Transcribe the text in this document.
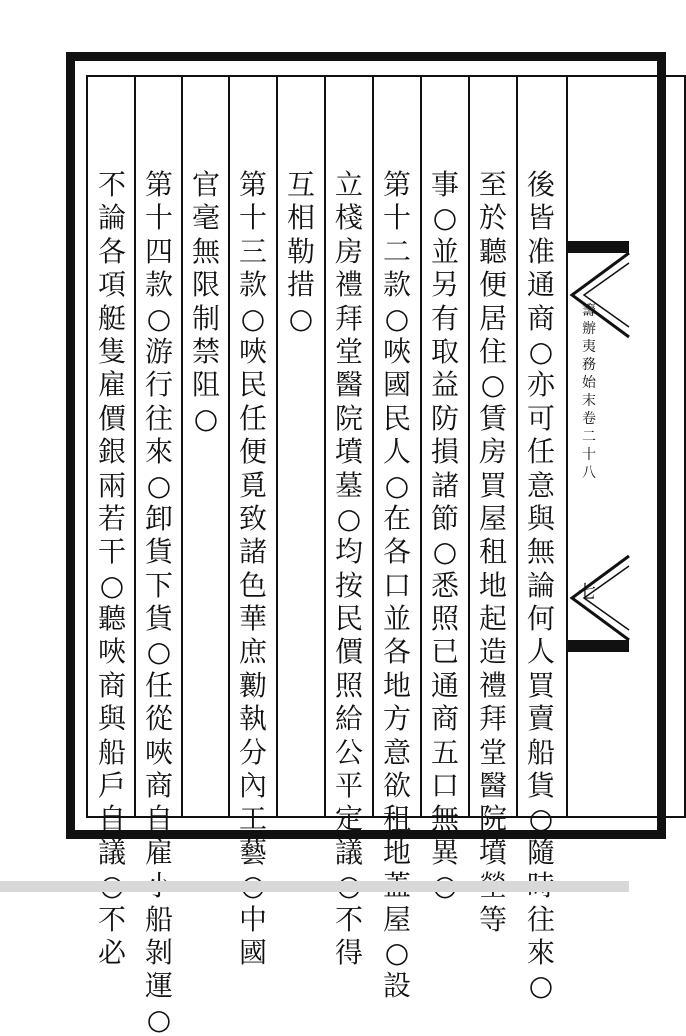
後
皆
准
通
商
○
亦
可
任
意
與
無
論
何
人
買
賣
船
貨
○
隨
往
來
○
至
於
聽
便
居
住
○
賃
房
買
屋
租
地
起
造
禮
拜
堂
醫
院
墳
等
事
○
並
另
有
取
益
防
損
諸
節
○
悉
照
已
通
商
五
口
無
異
第
十
二
款
○
唊
國
民
人
○
在
各
口
並
各
地
方
意
欲
租
地
屋
○
設
立
棧
房
禮
拜
堂
醫
院
墳
墓
○
均
按
民
價
照
給
公
平
定
議
不
得
互
相
勒
措
○
第
十
三
款
○
唊
民
任
便
覓
致
諸
色
華
庶
勷
執
分
內
工
藝
中
國
官
毫
無
限
制
禁
阻
○
第
十
四
款
○
游
行
往
來
○
卸
貨
下
貨
○
任
從
唊
商
自
雇
船
剝
運
○
不
論
各
項
艇
隻
雇
價
銀
兩
若
干
○
聽
唊
商
與
船
戶
自
議
不
必
籌
辦
夷
務
始
末
卷
二
十
八
七
